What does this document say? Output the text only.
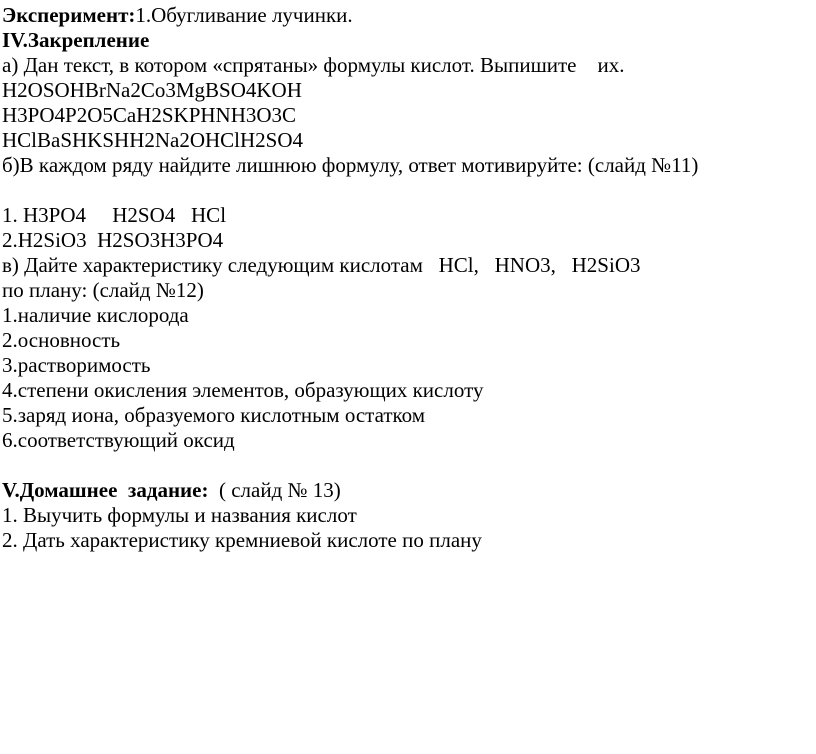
Эксперимент:1.Обугливание лучинки.
IV.Закрепление
а) Дан текст, в котором «спрятаны» формулы кислот. Выпишите    их.
H2OSOHBrNa2Co3MgBSO4KOH
H3PO4P2O5CaH2SKPHNH3O3C
HClBaSHKSHH2Na2OHClH2SO4
б)В каждом ряду найдите лишнюю формулу, ответ мотивируйте: (слайд №11)
1. H3PO4     H2SO4   HCl
2.H2SiO3  H2SO3H3PO4
в) Дайте характеристику следующим кислотам   HCl,   HNO3,   H2SiO3
по плану: (слайд №12)
1.наличие кислорода
2.основность
3.растворимость
4.степени окисления элементов, образующих кислоту
5.заряд иона, образуемого кислотным остатком
6.соответствующий оксид
V.Домашнее  задание:  ( слайд № 13)
1. Выучить формулы и названия кислот
2. Дать характеристику кремниевой кислоте по плану
